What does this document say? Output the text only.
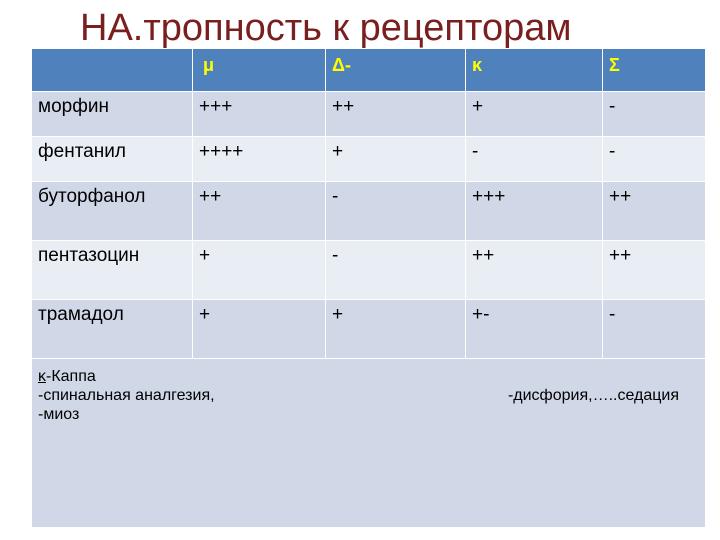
НА.тропность к рецепторам
	μ	Δ-	κ	Σ
морфин	+++	++	+	-
фентанил	++++	+	-	-
буторфанол	++	-	+++	++
пентазоцин	+	-	++	++
трамадол	+	+	+-	-

κ-Каппа
-спинальная аналгезия, -дисфория,…..седация
-миоз				
